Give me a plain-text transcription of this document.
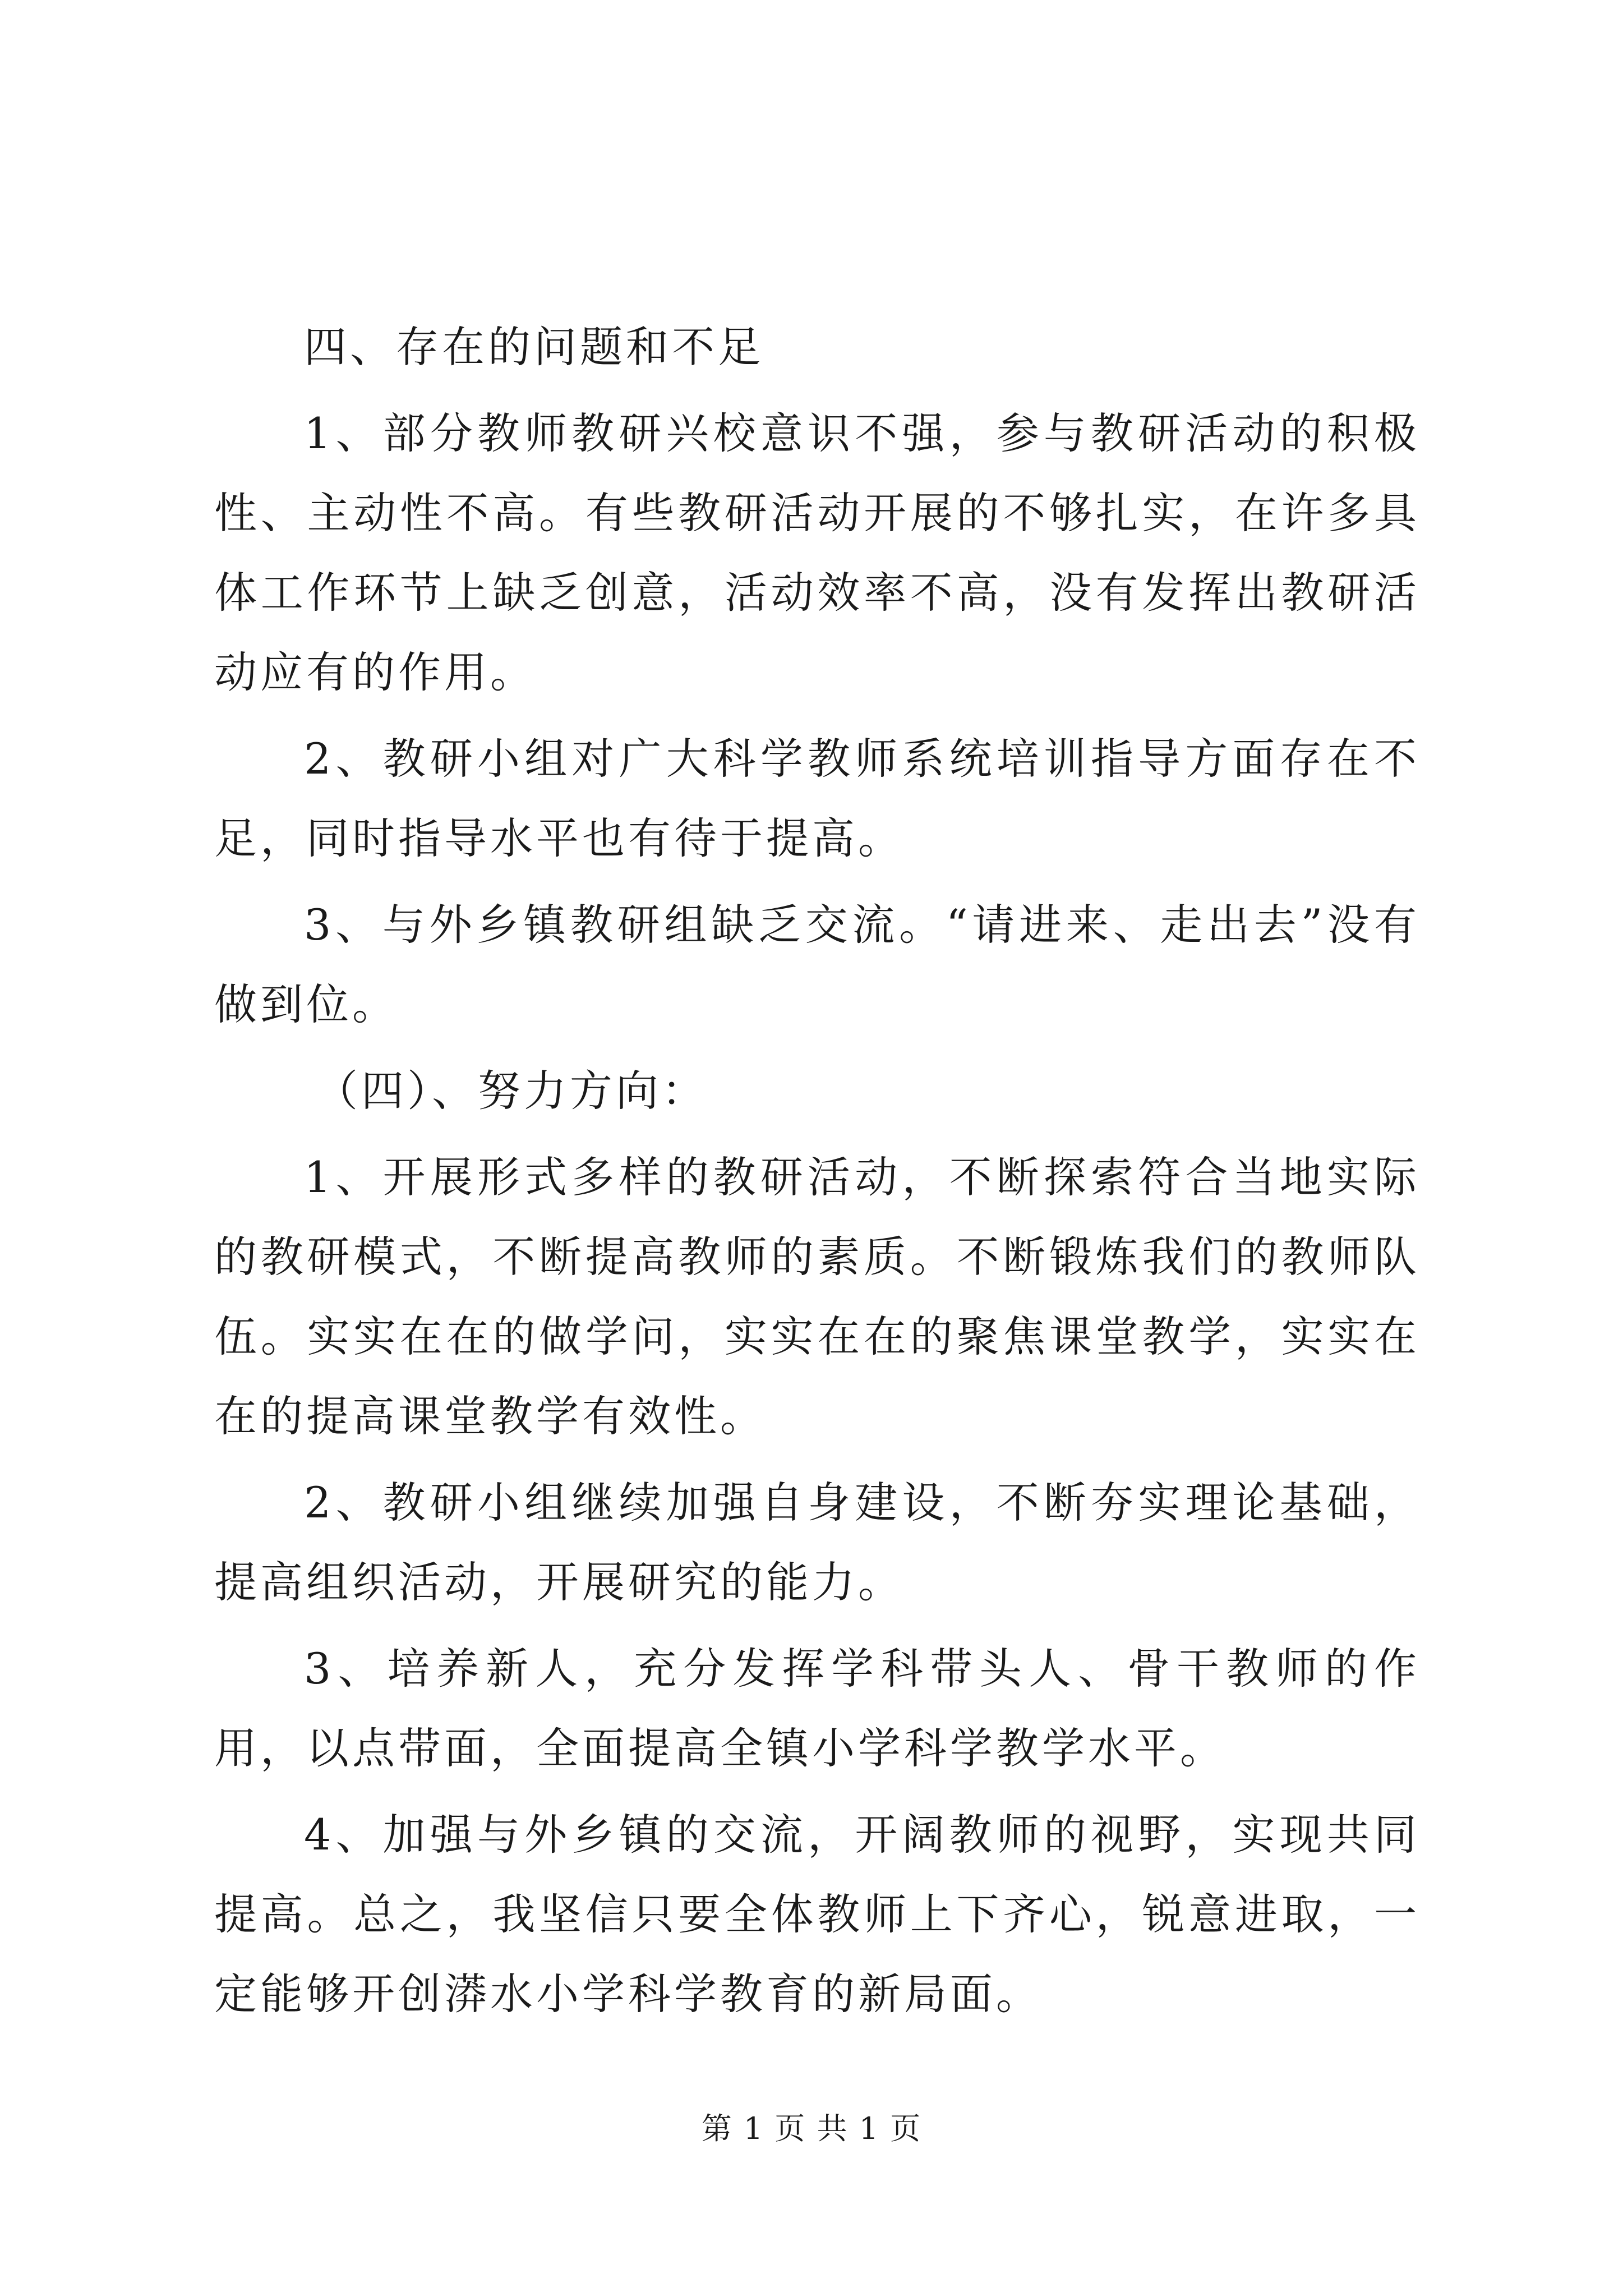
四、存在的问题和不足

1、部分教师教研兴校意识不强，参与教研活动的积极性、主动性不高。有些教研活动开展的不够扎实，在许多具体工作环节上缺乏创意，活动效率不高，没有发挥出教研活动应有的作用。

2、教研小组对广大科学教师系统培训指导方面存在不足，同时指导水平也有待于提高。

3、与外乡镇教研组缺乏交流。“请进来、走出去”没有做到位。

（四）、努力方向：

1、开展形式多样的教研活动，不断探索符合当地实际的教研模式，不断提高教师的素质。不断锻炼我们的教师队伍。实实在在的做学问，实实在在的聚焦课堂教学，实实在在的提高课堂教学有效性。

2、教研小组继续加强自身建设，不断夯实理论基础，提高组织活动，开展研究的能力。

3、培养新人，充分发挥学科带头人、骨干教师的作用，以点带面，全面提高全镇小学科学教学水平。

4、加强与外乡镇的交流，开阔教师的视野，实现共同提高。总之，我坚信只要全体教师上下齐心，锐意进取，一定能够开创漭水小学科学教育的新局面。

第 1 页 共 1 页
